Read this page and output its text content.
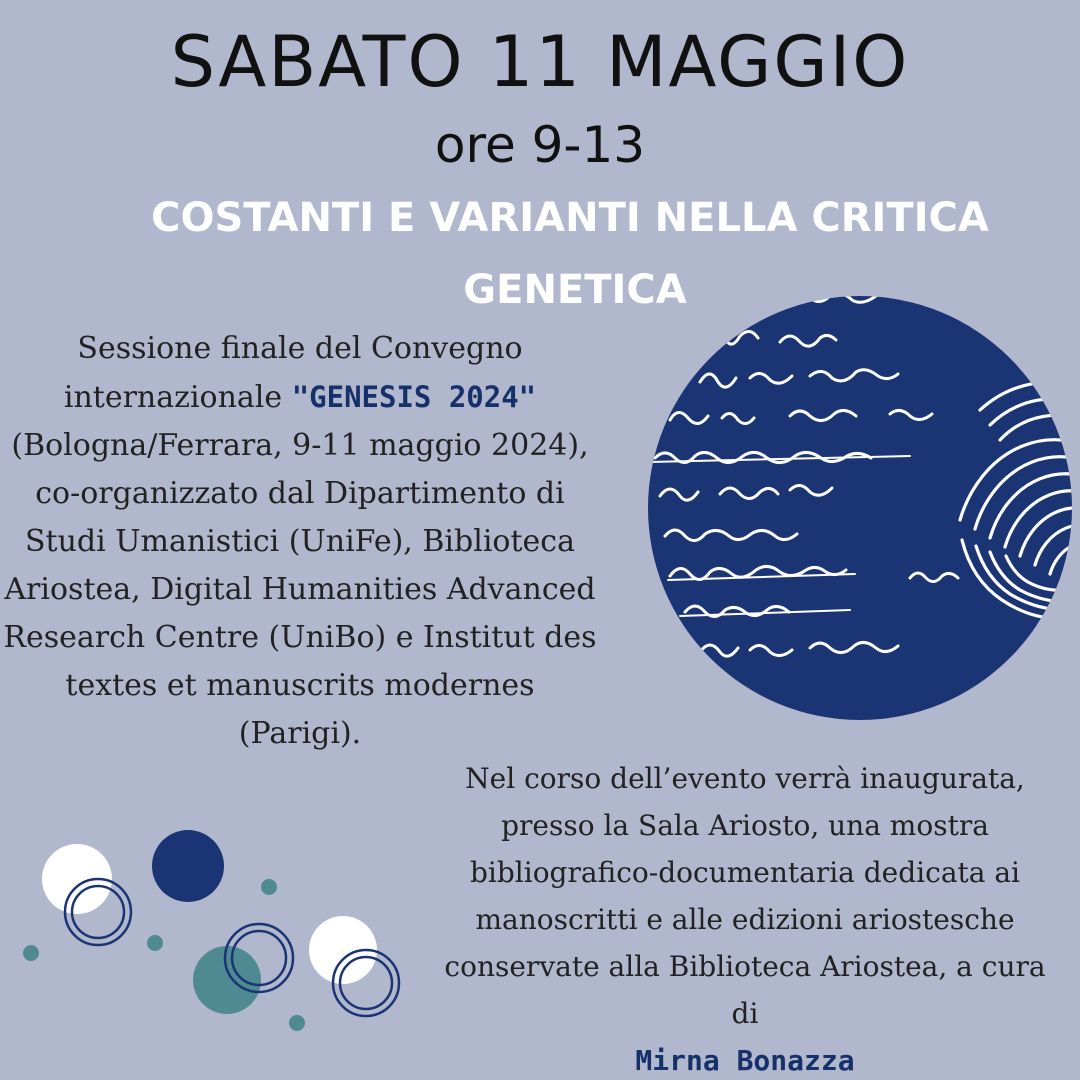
SABATO 11 MAGGIO
ore 9-13
COSTANTI E VARIANTI NELLA CRITICA
GENETICA

Sessione finale del Convegno internazionale "GENESIS 2024" (Bologna/Ferrara, 9-11 maggio 2024), co-organizzato dal Dipartimento di Studi Umanistici (UniFe), Biblioteca Ariostea, Digital Humanities Advanced Research Centre (UniBo) e Institut des textes et manuscrits modernes (Parigi).

Nel corso dell’evento verrà inaugurata, presso la Sala Ariosto, una mostra bibliografico-documentaria dedicata ai manoscritti e alle edizioni ariostesche conservate alla Biblioteca Ariostea, a cura di
Mirna Bonazza
